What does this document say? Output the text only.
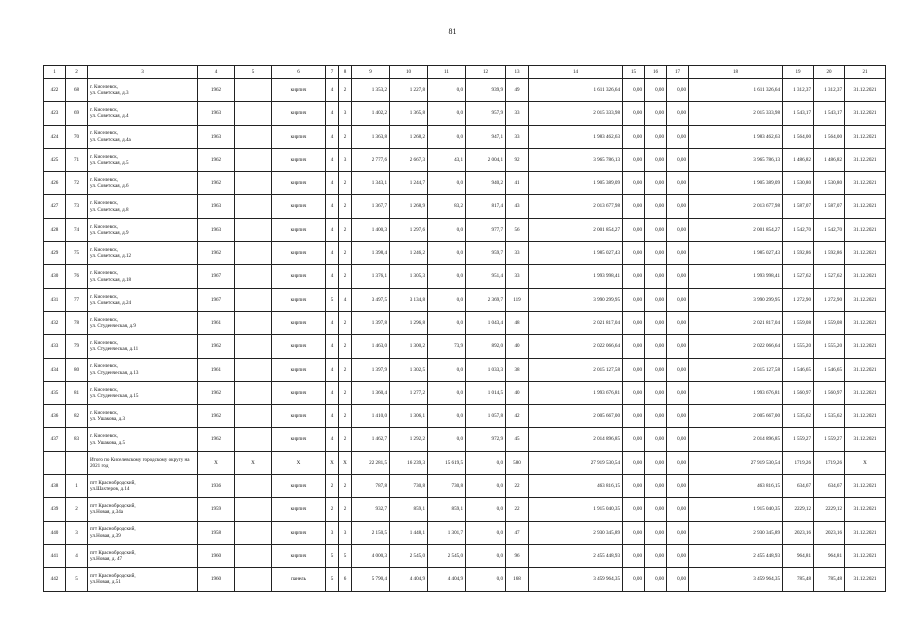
81
1	2	3	4	5	6	7	8	9	10	11	12	13	14	15	16	17	18	19	20	21
422	68	г. Киселевск,
ул. Советская, д.3	1962		кирпич	4	2	1 353,2	1 227,8	0,0	939,9	49	1 611 326,64	0,00	0,00	0,00	1 611 326,64	1 312,37	1 312,37	31.12.2021
423	69	г. Киселевск,
ул. Советская, д.4	1963		кирпич	4	3	1 402,2	1 365,8	0,0	957,9	33	2 015 333,98	0,00	0,00	0,00	2 015 333,98	1 543,17	1 543,17	31.12.2021
424	70	г. Киселевск,
ул. Советская, д.4а	1963		кирпич	4	2	1 363,8	1 268,2	0,0	947,1	33	1 983 462,63	0,00	0,00	0,00	1 983 462,63	1 564,00	1 564,00	31.12.2021
425	71	г. Киселевск,
ул. Советская, д.5	1962		кирпич	4	3	2 777,6	2 667,3	43,1	2 004,1	92	3 965 786,13	0,00	0,00	0,00	3 965 786,13	1 486,82	1 486,82	31.12.2021
426	72	г. Киселевск,
ул. Советская, д.6	1962		кирпич	4	2	1 343,1	1 244,7	0,0	940,2	41	1 905 389,09	0,00	0,00	0,00	1 905 389,09	1 530,80	1 530,80	31.12.2021
427	73	г. Киселевск,
ул. Советская, д.8	1963		кирпич	4	2	1 367,7	1 268,9	83,2	817,4	43	2 013 677,98	0,00	0,00	0,00	2 013 677,98	1 587,07	1 587,07	31.12.2021
428	74	г. Киселевск,
ул. Советская, д.9	1963		кирпич	4	2	1 400,3	1 297,6	0,0	977,7	56	2 001 854,27	0,00	0,00	0,00	2 001 854,27	1 542,70	1 542,70	31.12.2021
429	75	г. Киселевск,
ул. Советская, д.12	1962		кирпич	4	2	1 398,4	1 246,2	0,0	959,7	33	1 985 027,43	0,00	0,00	0,00	1 985 027,43	1 592,86	1 592,86	31.12.2021
430	76	г. Киселевск,
ул. Советская, д.18	1967		кирпич	4	2	1 376,1	1 305,3	0,0	951,4	33	1 993 998,41	0,00	0,00	0,00	1 993 998,41	1 527,62	1 527,62	31.12.2021
431	77	г. Киселевск,
ул. Советская, д.24	1967		кирпич	5	4	3 497,5	3 134,8	0,0	2 369,7	119	3 990 299,95	0,00	0,00	0,00	3 990 299,95	1 272,90	1 272,90	31.12.2021
432	78	г. Киселевск,
ул. Студенческая, д.9	1961		кирпич	4	2	1 397,8	1 296,8	0,0	1 043,4	48	2 021 817,04	0,00	0,00	0,00	2 021 817,04	1 559,08	1 559,08	31.12.2021
433	79	г. Киселевск,
ул. Студенческая, д.11	1962		кирпич	4	2	1 463,0	1 300,2	73,9	892,0	40	2 022 066,64	0,00	0,00	0,00	2 022 066,64	1 555,20	1 555,20	31.12.2021
434	80	г. Киселевск,
ул. Студенческая, д.13	1961		кирпич	4	2	1 397,9	1 302,5	0,0	1 033,3	38	2 015 127,58	0,00	0,00	0,00	2 015 127,58	1 546,65	1 546,65	31.12.2021
435	81	г. Киселевск,
ул. Студенческая, д.15	1962		кирпич	4	2	1 360,4	1 277,2	0,0	1 014,5	40	1 993 676,81	0,00	0,00	0,00	1 993 676,81	1 560,97	1 560,97	31.12.2021
436	82	г. Киселевск,
ул. Ушакова, д.3	1962		кирпич	4	2	1 410,0	1 306,1	0,0	1 057,8	42	2 005 667,00	0,00	0,00	0,00	2 005 667,00	1 535,62	1 535,62	31.12.2021
437	83	г. Киселевск,
ул. Ушакова, д.5	1962		кирпич	4	2	1 462,7	1 292,2	0,0	972,9	45	2 014 896,85	0,00	0,00	0,00	2 014 896,85	1 559,27	1 559,27	31.12.2021
		Итого по Киселевскому городскому округу на 2021 год	X	X	X	X	X	22 281,5	16 239,3	15 619,5	0,0	580	27 919 530,54	0,00	0,00	0,00	27 919 530,54	1719,26	1719,26	X
438	1	пгт Краснобродский,
ул.Шахтеров, д.14	1936		кирпич	2	2	787,8	730,8	730,8	0,0	22	463 816,15	0,00	0,00	0,00	463 816,15	634,67	634,67	31.12.2021
439	2	пгт Краснобродский,
ул.Новая, д.34а	1959		кирпич	2	2	932,7	859,1	859,1	0,0	22	1 915 040,35	0,00	0,00	0,00	1 915 040,35	2229,12	2229,12	31.12.2021
440	3	пгт Краснобродский,
ул.Новая, д.39	1958		кирпич	3	3	2 150,5	1 448,1	1 301,7	0,0	47	2 930 345,89	0,00	0,00	0,00	2 930 345,89	2023,16	2023,16	31.12.2021
441	4	пгт Краснобродский,
ул.Новая, д. 47	1960		кирпич	5	5	4 000,3	2 545,0	2 545,0	0,0	96	2 455 448,93	0,00	0,00	0,00	2 455 448,93	964,81	964,81	31.12.2021
442	5	пгт Краснобродский,
ул.Новая, д.51	1960		панель	5	6	5 790,4	4 404,9	4 404,9	0,0	168	3 459 964,35	0,00	0,00	0,00	3 459 964,35	785,48	785,48	31.12.2021
